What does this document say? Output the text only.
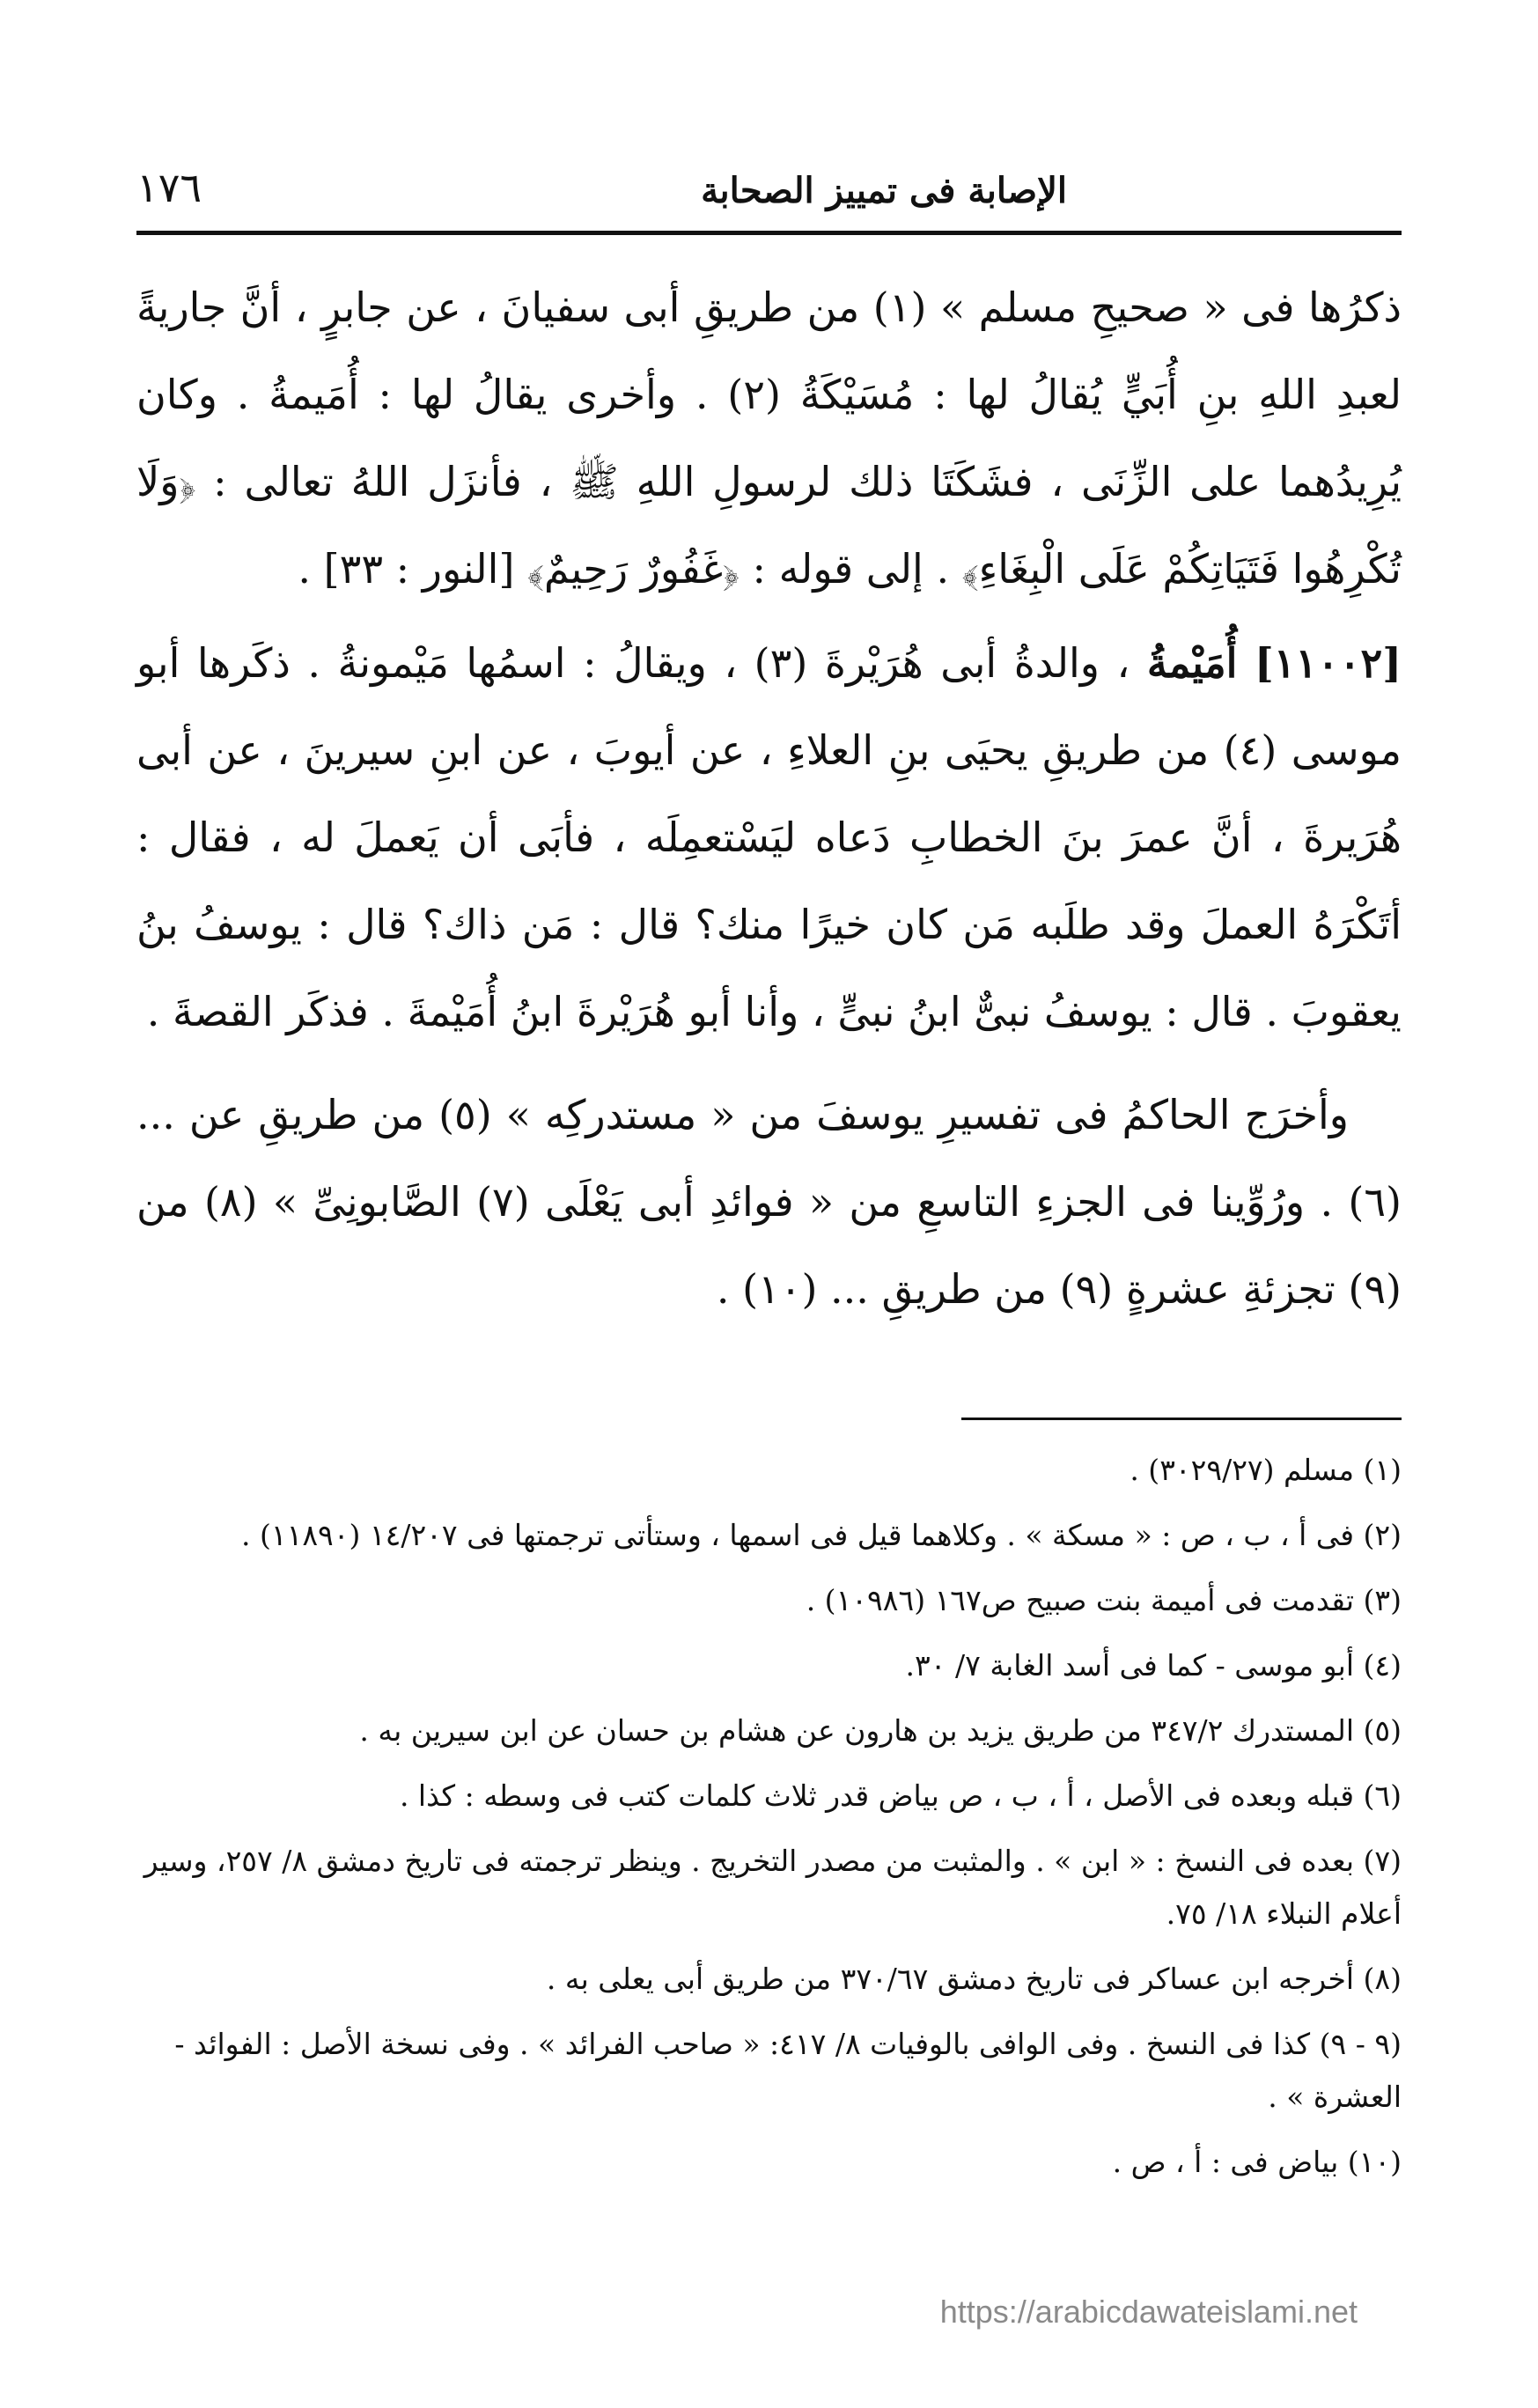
١٧٦	الإصابة فى تمييز الصحابة

ذكرُها فى « صحيحِ مسلم » (١) من طريقِ أبى سفيانَ ، عن جابرٍ ، أنَّ جاريةً لعبدِ اللهِ بنِ أُبَيٍّ يُقالُ لها : مُسَيْكَةُ (٢) . وأخرى يقالُ لها : أُمَيمةُ . وكان يُرِيدُهما على الزِّنَى ، فشَكَتَا ذلك لرسولِ اللهِ ﷺ ، فأنزَل اللهُ تعالى : ﴿وَلَا تُكْرِهُوا فَتَيَاتِكُمْ عَلَى الْبِغَاءِ﴾ . إلى قوله : ﴿غَفُورٌ رَحِيمٌ﴾ [النور : ٣٣] .

[١١٠٠٢] أُمَيْمةُ ، والدةُ أبى هُرَيْرةَ (٣) ، ويقالُ : اسمُها مَيْمونةُ . ذكَرها أبو موسى (٤) من طريقِ يحيَى بنِ العلاءِ ، عن أيوبَ ، عن ابنِ سيرينَ ، عن أبى هُرَيرةَ ، أنَّ عمرَ بنَ الخطابِ دَعاه ليَسْتعمِلَه ، فأبَى أن يَعملَ له ، فقال : أتَكْرَهُ العملَ وقد طلَبه مَن كان خيرًا منك؟ قال : مَن ذاك؟ قال : يوسفُ بنُ يعقوبَ . قال : يوسفُ نبىٌّ ابنُ نبىٍّ ، وأنا أبو هُرَيْرةَ ابنُ أُمَيْمةَ . فذكَر القصةَ .

وأخرَج الحاكمُ فى تفسيرِ يوسفَ من « مستدركِه » (٥) من طريقِ عن ... (٦) . ورُوِّينا فى الجزءِ التاسعِ من « فوائدِ أبى يَعْلَى (٧) الصَّابونِىِّ » (٨) من (٩) تجزئةِ عشرةٍ (٩) من طريقِ ... (١٠) .

(١) مسلم (٣٠٢٩/٢٧) .
(٢) فى أ ، ب ، ص : « مسكة » . وكلاهما قيل فى اسمها ، وستأتى ترجمتها فى ١٤/٢٠٧ (١١٨٩٠) .
(٣) تقدمت فى أميمة بنت صبيح ص١٦٧ (١٠٩٨٦) .
(٤) أبو موسى - كما فى أسد الغابة ٧/ ٣٠.
(٥) المستدرك ٣٤٧/٢ من طريق يزيد بن هارون عن هشام بن حسان عن ابن سيرين به .
(٦) قبله وبعده فى الأصل ، أ ، ب ، ص بياض قدر ثلاث كلمات كتب فى وسطه : كذا .
(٧) بعده فى النسخ : « ابن » . والمثبت من مصدر التخريج . وينظر ترجمته فى تاريخ دمشق ٨/ ٢٥٧، وسير أعلام النبلاء ١٨/ ٧٥.
(٨) أخرجه ابن عساكر فى تاريخ دمشق ٣٧٠/٦٧ من طريق أبى يعلى به .
(٩ - ٩) كذا فى النسخ . وفى الوافى بالوفيات ٨/ ٤١٧: « صاحب الفرائد » . وفى نسخة الأصل : الفوائد - العشرة » .
(١٠) بياض فى : أ ، ص .
https://arabicdawateislami.net
